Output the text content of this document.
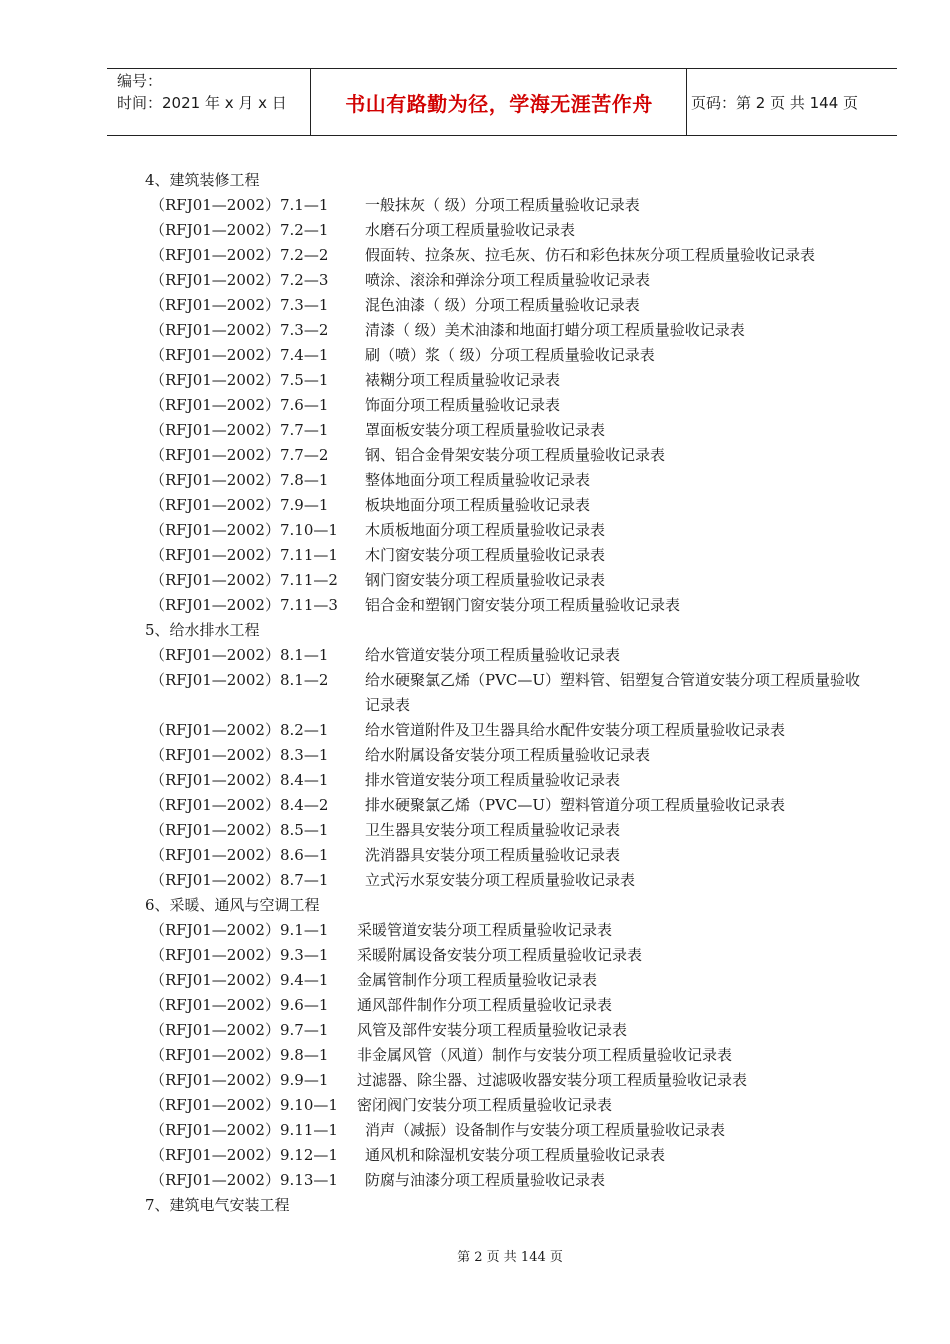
编号：
时间：2021 年 x 月 x 日	书山有路勤为径，学海无涯苦作舟	页码：第 2 页 共 144 页
4、建筑装修工程
（RFJ01—2002）7.1—1 一般抹灰（ 级）分项工程质量验收记录表
（RFJ01—2002）7.2—1 水磨石分项工程质量验收记录表
（RFJ01—2002）7.2—2 假面转、拉条灰、拉毛灰、仿石和彩色抹灰分项工程质量验收记录表
（RFJ01—2002）7.2—3 喷涂、滚涂和弹涂分项工程质量验收记录表
（RFJ01—2002）7.3—1 混色油漆（ 级）分项工程质量验收记录表
（RFJ01—2002）7.3—2 清漆（ 级）美术油漆和地面打蜡分项工程质量验收记录表
（RFJ01—2002）7.4—1 刷（喷）浆（ 级）分项工程质量验收记录表
（RFJ01—2002）7.5—1 裱糊分项工程质量验收记录表
（RFJ01—2002）7.6—1 饰面分项工程质量验收记录表
（RFJ01—2002）7.7—1 罩面板安装分项工程质量验收记录表
（RFJ01—2002）7.7—2 钢、铝合金骨架安装分项工程质量验收记录表
（RFJ01—2002）7.8—1 整体地面分项工程质量验收记录表
（RFJ01—2002）7.9—1 板块地面分项工程质量验收记录表
（RFJ01—2002）7.10—1 木质板地面分项工程质量验收记录表
（RFJ01—2002）7.11—1 木门窗安装分项工程质量验收记录表
（RFJ01—2002）7.11—2 钢门窗安装分项工程质量验收记录表
（RFJ01—2002）7.11—3 铝合金和塑钢门窗安装分项工程质量验收记录表
5、给水排水工程
（RFJ01—2002）8.1—1 给水管道安装分项工程质量验收记录表
（RFJ01—2002）8.1—2 给水硬聚氯乙烯（PVC—U）塑料管、铝塑复合管道安装分项工程质量验收记录表
（RFJ01—2002）8.2—1 给水管道附件及卫生器具给水配件安装分项工程质量验收记录表
（RFJ01—2002）8.3—1 给水附属设备安装分项工程质量验收记录表
（RFJ01—2002）8.4—1 排水管道安装分项工程质量验收记录表
（RFJ01—2002）8.4—2 排水硬聚氯乙烯（PVC—U）塑料管道分项工程质量验收记录表
（RFJ01—2002）8.5—1 卫生器具安装分项工程质量验收记录表
（RFJ01—2002）8.6—1 洗消器具安装分项工程质量验收记录表
（RFJ01—2002）8.7—1 立式污水泵安装分项工程质量验收记录表
6、采暖、通风与空调工程
（RFJ01—2002）9.1—1 采暖管道安装分项工程质量验收记录表
（RFJ01—2002）9.3—1 采暖附属设备安装分项工程质量验收记录表
（RFJ01—2002）9.4—1 金属管制作分项工程质量验收记录表
（RFJ01—2002）9.6—1 通风部件制作分项工程质量验收记录表
（RFJ01—2002）9.7—1 风管及部件安装分项工程质量验收记录表
（RFJ01—2002）9.8—1 非金属风管（风道）制作与安装分项工程质量验收记录表
（RFJ01—2002）9.9—1 过滤器、除尘器、过滤吸收器安装分项工程质量验收记录表
（RFJ01—2002）9.10—1 密闭阀门安装分项工程质量验收记录表
（RFJ01—2002）9.11—1 消声（减振）设备制作与安装分项工程质量验收记录表
（RFJ01—2002）9.12—1 通风机和除湿机安装分项工程质量验收记录表
（RFJ01—2002）9.13—1 防腐与油漆分项工程质量验收记录表
7、建筑电气安装工程
第 2 页 共 144 页
